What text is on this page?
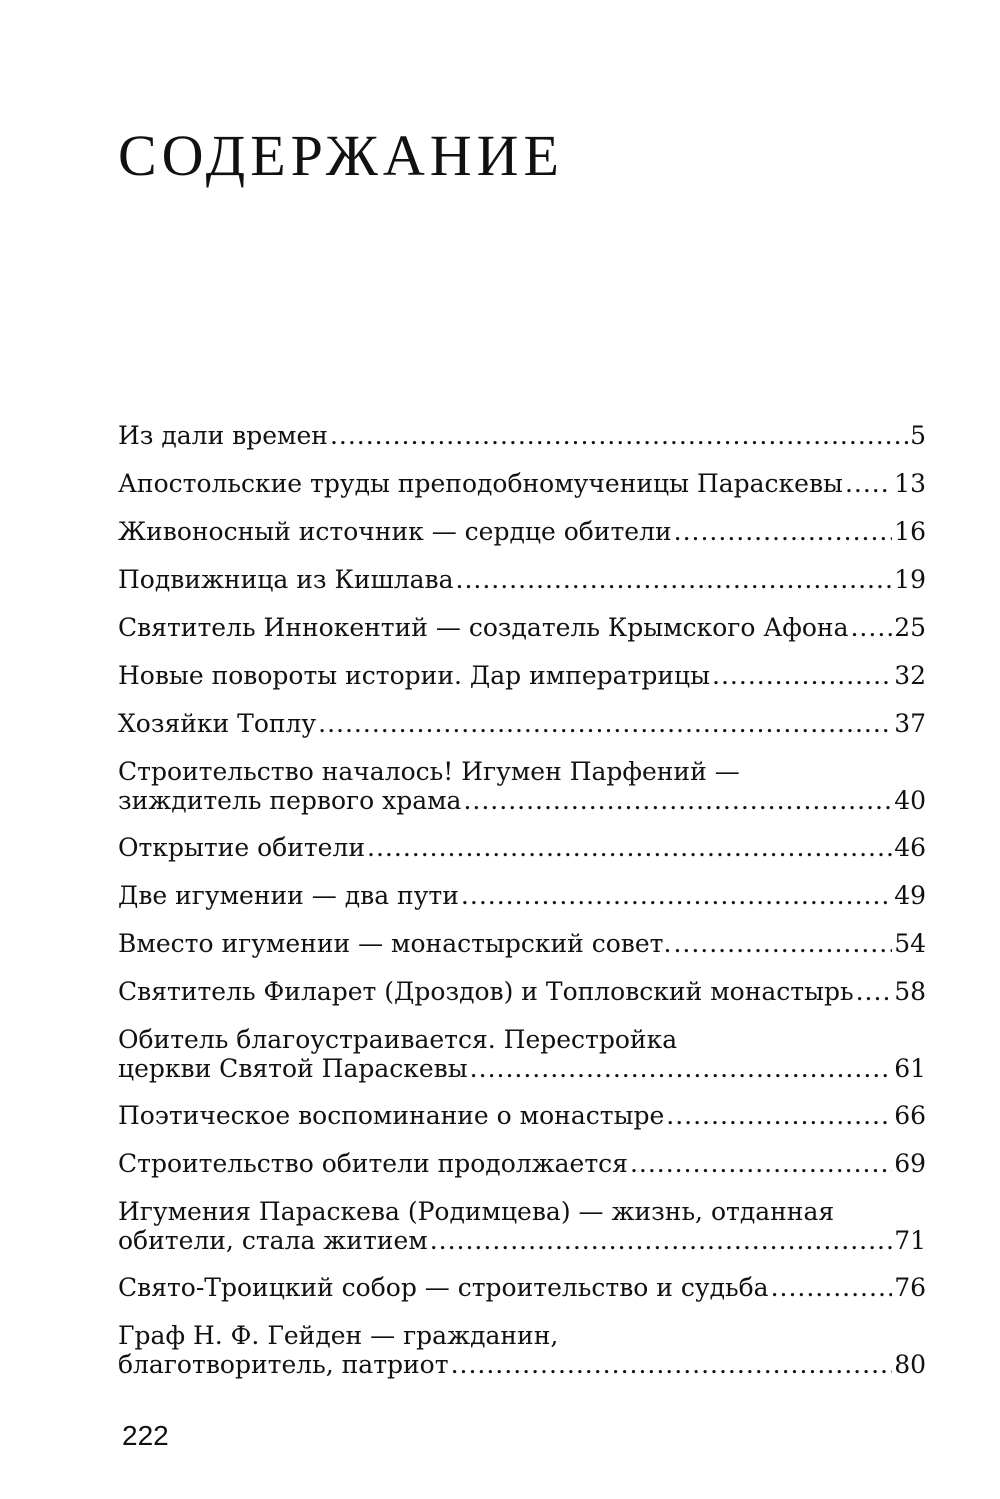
СОДЕРЖАНИЕ
Из дали времен .....	5
Апостольские труды преподобномученицы Параскевы ..... 13
Живоносный источник — сердце обители .....	16
Подвижница из Кишлава .....	19
Святитель Иннокентий — создатель Крымского Афона ..... 25
Новые повороты истории. Дар императрицы .....	32
Хозяйки Топлу .....	37
Строительство началось! Игумен Парфений —
зиждитель первого храма .....	40
Открытие обители .....	46
Две игумении — два пути .....	49
Вместо игумении — монастырский совет. .....	54
Святитель Филарет (Дроздов) и Топловский монастырь ..... 58
Обитель благоустраивается. Перестройка
церкви Святой Параскевы .....	61
Поэтическое воспоминание о монастыре .....	66
Строительство обители продолжается .....	69
Игумения Параскева (Родимцева) — жизнь, отданная
обители, стала житием .....	71
Свято-Троицкий собор — строительство и судьба .....	76
Граф Н. Ф. Гейден — гражданин,
благотворитель, патриот .....	80

222
